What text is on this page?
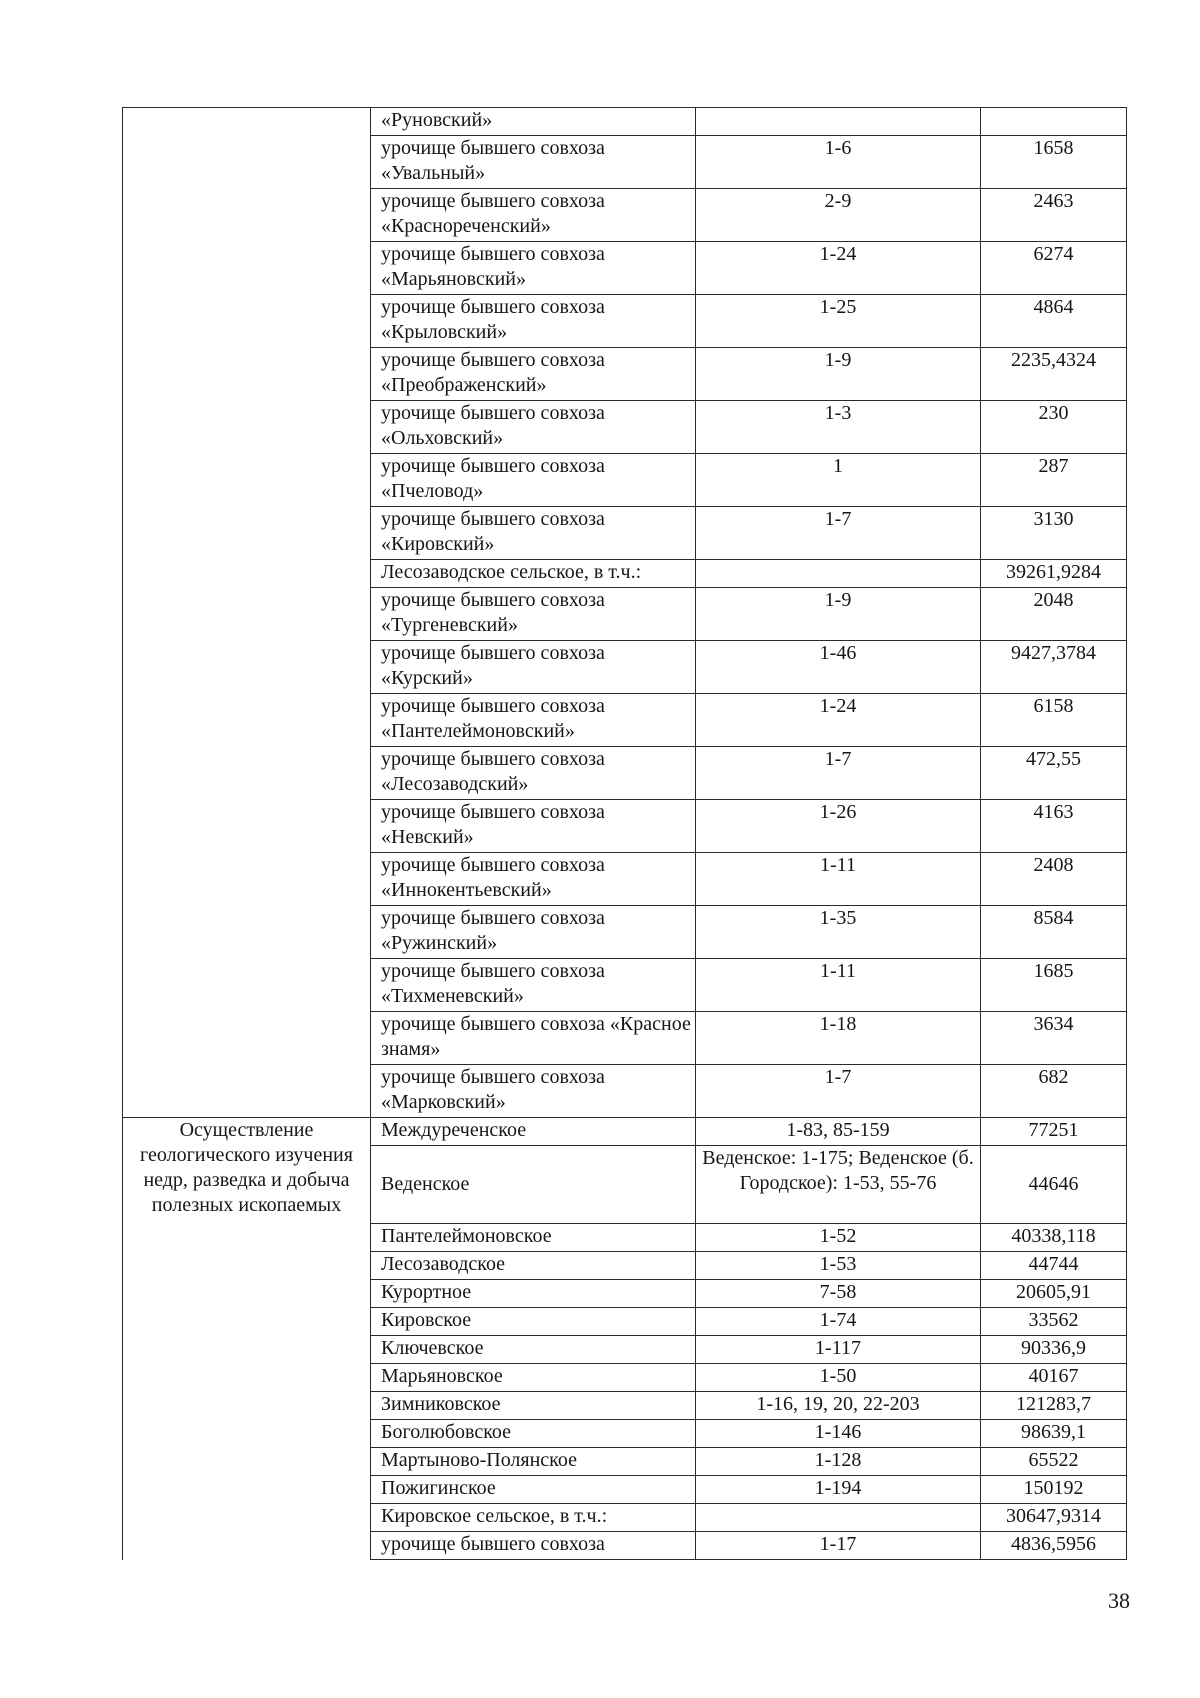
	«Руновский»		
	урочище бывшего совхоза «Увальный»	1-6	1658
	урочище бывшего совхоза «Краснореченский»	2-9	2463
	урочище бывшего совхоза «Марьяновский»	1-24	6274
	урочище бывшего совхоза «Крыловский»	1-25	4864
	урочище бывшего совхоза «Преображенский»	1-9	2235,4324
	урочище бывшего совхоза «Ольховский»	1-3	230
	урочище бывшего совхоза «Пчеловод»	1	287
	урочище бывшего совхоза «Кировский»	1-7	3130
	Лесозаводское сельское, в т.ч.:		39261,9284
	урочище бывшего совхоза «Тургеневский»	1-9	2048
	урочище бывшего совхоза «Курский»	1-46	9427,3784
	урочище бывшего совхоза «Пантелеймоновский»	1-24	6158
	урочище бывшего совхоза «Лесозаводский»	1-7	472,55
	урочище бывшего совхоза «Невский»	1-26	4163
	урочище бывшего совхоза «Иннокентьевский»	1-11	2408
	урочище бывшего совхоза «Ружинский»	1-35	8584
	урочище бывшего совхоза «Тихменевский»	1-11	1685
	урочище бывшего совхоза «Красное знамя»	1-18	3634
	урочище бывшего совхоза «Марковский»	1-7	682
Осуществление геологического изучения недр, разведка и добыча полезных ископаемых	Междуреченское	1-83, 85-159	77251
	Веденское	Веденское: 1-175; Веденское (б. Городское): 1-53, 55-76	44646
	Пантелеймоновское	1-52	40338,118
	Лесозаводское	1-53	44744
	Курортное	7-58	20605,91
	Кировское	1-74	33562
	Ключевское	1-117	90336,9
	Марьяновское	1-50	40167
	Зимниковское	1-16, 19, 20, 22-203	121283,7
	Боголюбовское	1-146	98639,1
	Мартыново-Полянское	1-128	65522
	Пожигинское	1-194	150192
	Кировское сельское, в т.ч.:		30647,9314
	урочище бывшего совхоза	1-17	4836,5956
38
